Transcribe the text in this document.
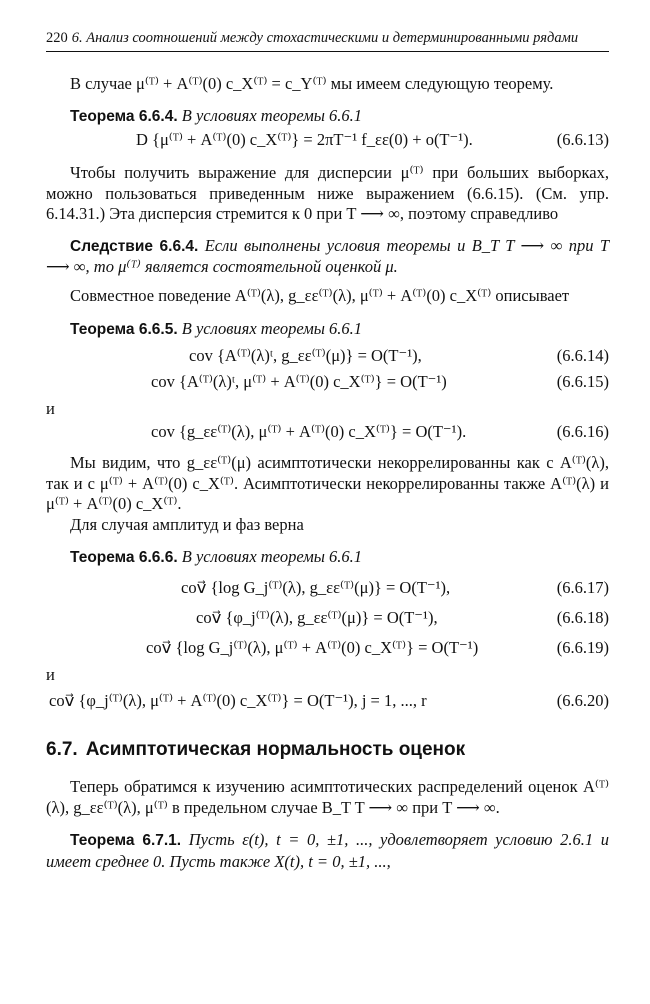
220 6. Анализ соотношений между стохастическими и детерминированными рядами

В случае μ⁽ᵀ⁾ + A⁽ᵀ⁾(0) c_X⁽ᵀ⁾ = c_Y⁽ᵀ⁾ мы имеем следующую теорему.

Теорема 6.6.4. В условиях теоремы 6.6.1

D {μ⁽ᵀ⁾ + A⁽ᵀ⁾(0) c_X⁽ᵀ⁾} = 2πT⁻¹ f_εε(0) + o(T⁻¹).	(6.6.13)

Чтобы получить выражение для дисперсии μ⁽ᵀ⁾ при больших выборках, можно пользоваться приведенным ниже выражением (6.6.15). (См. упр. 6.14.31.) Эта дисперсия стремится к 0 при T ⟶ ∞, поэтому справедливо

Следствие 6.6.4. Если выполнены условия теоремы и B_T T ⟶ ∞ при T ⟶ ∞, то μ⁽ᵀ⁾ является состоятельной оценкой μ.

Совместное поведение A⁽ᵀ⁾(λ), g_εε⁽ᵀ⁾(λ), μ⁽ᵀ⁾ + A⁽ᵀ⁾(0) c_X⁽ᵀ⁾ описывает

Теорема 6.6.5. В условиях теоремы 6.6.1

cov {A⁽ᵀ⁾(λ)ᵗ, g_εε⁽ᵀ⁾(μ)} = O(T⁻¹),	(6.6.14)
cov {A⁽ᵀ⁾(λ)ᵗ, μ⁽ᵀ⁾ + A⁽ᵀ⁾(0) c_X⁽ᵀ⁾} = O(T⁻¹)	(6.6.15)

и

cov {g_εε⁽ᵀ⁾(λ), μ⁽ᵀ⁾ + A⁽ᵀ⁾(0) c_X⁽ᵀ⁾} = O(T⁻¹).	(6.6.16)

Мы видим, что g_εε⁽ᵀ⁾(μ) асимптотически некоррелированны как с A⁽ᵀ⁾(λ), так и с μ⁽ᵀ⁾ + A⁽ᵀ⁾(0) c_X⁽ᵀ⁾. Асимптотически некоррелированны также A⁽ᵀ⁾(λ) и μ⁽ᵀ⁾ + A⁽ᵀ⁾(0) c_X⁽ᵀ⁾.

Для случая амплитуд и фаз верна

Теорема 6.6.6. В условиях теоремы 6.6.1

cov⃗ {log G_j⁽ᵀ⁾(λ), g_εε⁽ᵀ⁾(μ)} = O(T⁻¹),	(6.6.17)
cov⃗ {φ_j⁽ᵀ⁾(λ), g_εε⁽ᵀ⁾(μ)} = O(T⁻¹),	(6.6.18)
cov⃗ {log G_j⁽ᵀ⁾(λ), μ⁽ᵀ⁾ + A⁽ᵀ⁾(0) c_X⁽ᵀ⁾} = O(T⁻¹)	(6.6.19)

и

cov⃗ {φ_j⁽ᵀ⁾(λ), μ⁽ᵀ⁾ + A⁽ᵀ⁾(0) c_X⁽ᵀ⁾} = O(T⁻¹), j = 1, ..., r	(6.6.20)
6.7. Асимптотическая нормальность оценок

Теперь обратимся к изучению асимптотических распределений оценок A⁽ᵀ⁾(λ), g_εε⁽ᵀ⁾(λ), μ⁽ᵀ⁾ в предельном случае B_T T ⟶ ∞ при T ⟶ ∞.

Теорема 6.7.1. Пусть ε(t), t = 0, ±1, ..., удовлетворяет условию 2.6.1 и имеет среднее 0. Пусть также X(t), t = 0, ±1, ...,
